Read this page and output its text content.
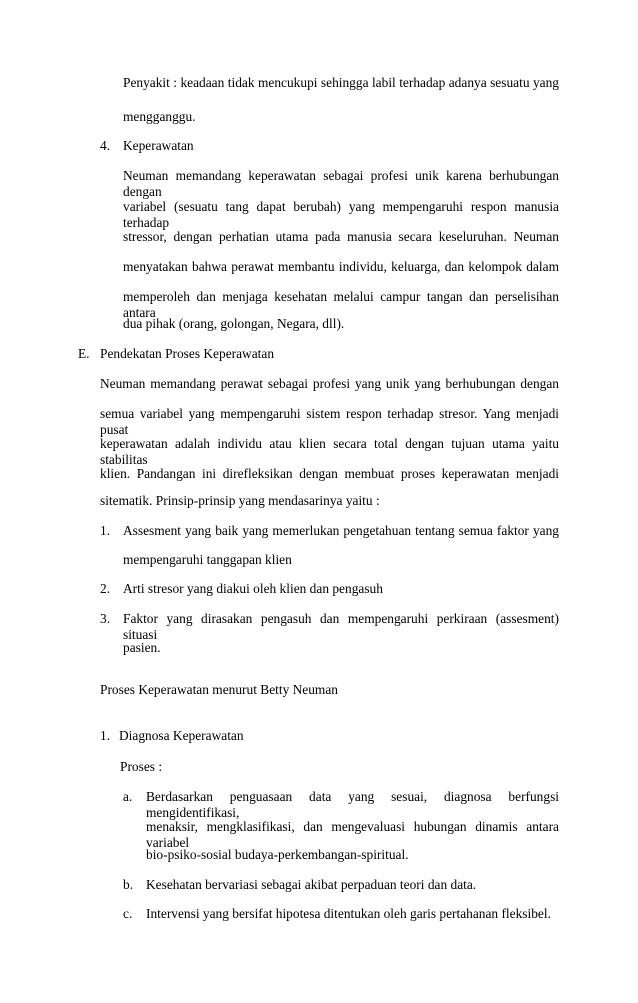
Penyakit : keadaan tidak mencukupi sehingga labil terhadap adanya sesuatu yang
mengganggu.
4. Keperawatan
Neuman memandang keperawatan sebagai profesi unik karena berhubungan dengan
variabel (sesuatu tang dapat berubah) yang mempengaruhi respon manusia terhadap
stressor, dengan perhatian utama pada manusia secara keseluruhan. Neuman
menyatakan bahwa perawat membantu individu, keluarga, dan kelompok dalam
memperoleh dan menjaga kesehatan melalui campur tangan dan perselisihan antara
dua pihak (orang, golongan, Negara, dll).
E. Pendekatan Proses Keperawatan
Neuman memandang perawat sebagai profesi yang unik yang berhubungan dengan
semua variabel yang mempengaruhi sistem respon terhadap stresor. Yang menjadi pusat
keperawatan adalah individu atau klien secara total dengan tujuan utama yaitu stabilitas
klien. Pandangan ini direfleksikan dengan membuat proses keperawatan menjadi
sitematik. Prinsip-prinsip yang mendasarinya yaitu :
1. Assesment yang baik yang memerlukan pengetahuan tentang semua faktor yang
mempengaruhi tanggapan klien
2. Arti stresor yang diakui oleh klien dan pengasuh
3. Faktor yang dirasakan pengasuh dan mempengaruhi perkiraan (assesment) situasi
pasien.
Proses Keperawatan menurut Betty Neuman
1. Diagnosa Keperawatan
Proses :
a. Berdasarkan penguasaan data yang sesuai, diagnosa berfungsi mengidentifikasi,
menaksir, mengklasifikasi, dan mengevaluasi hubungan dinamis antara variabel
bio-psiko-sosial budaya-perkembangan-spiritual.
b. Kesehatan bervariasi sebagai akibat perpaduan teori dan data.
c. Intervensi yang bersifat hipotesa ditentukan oleh garis pertahanan fleksibel.
